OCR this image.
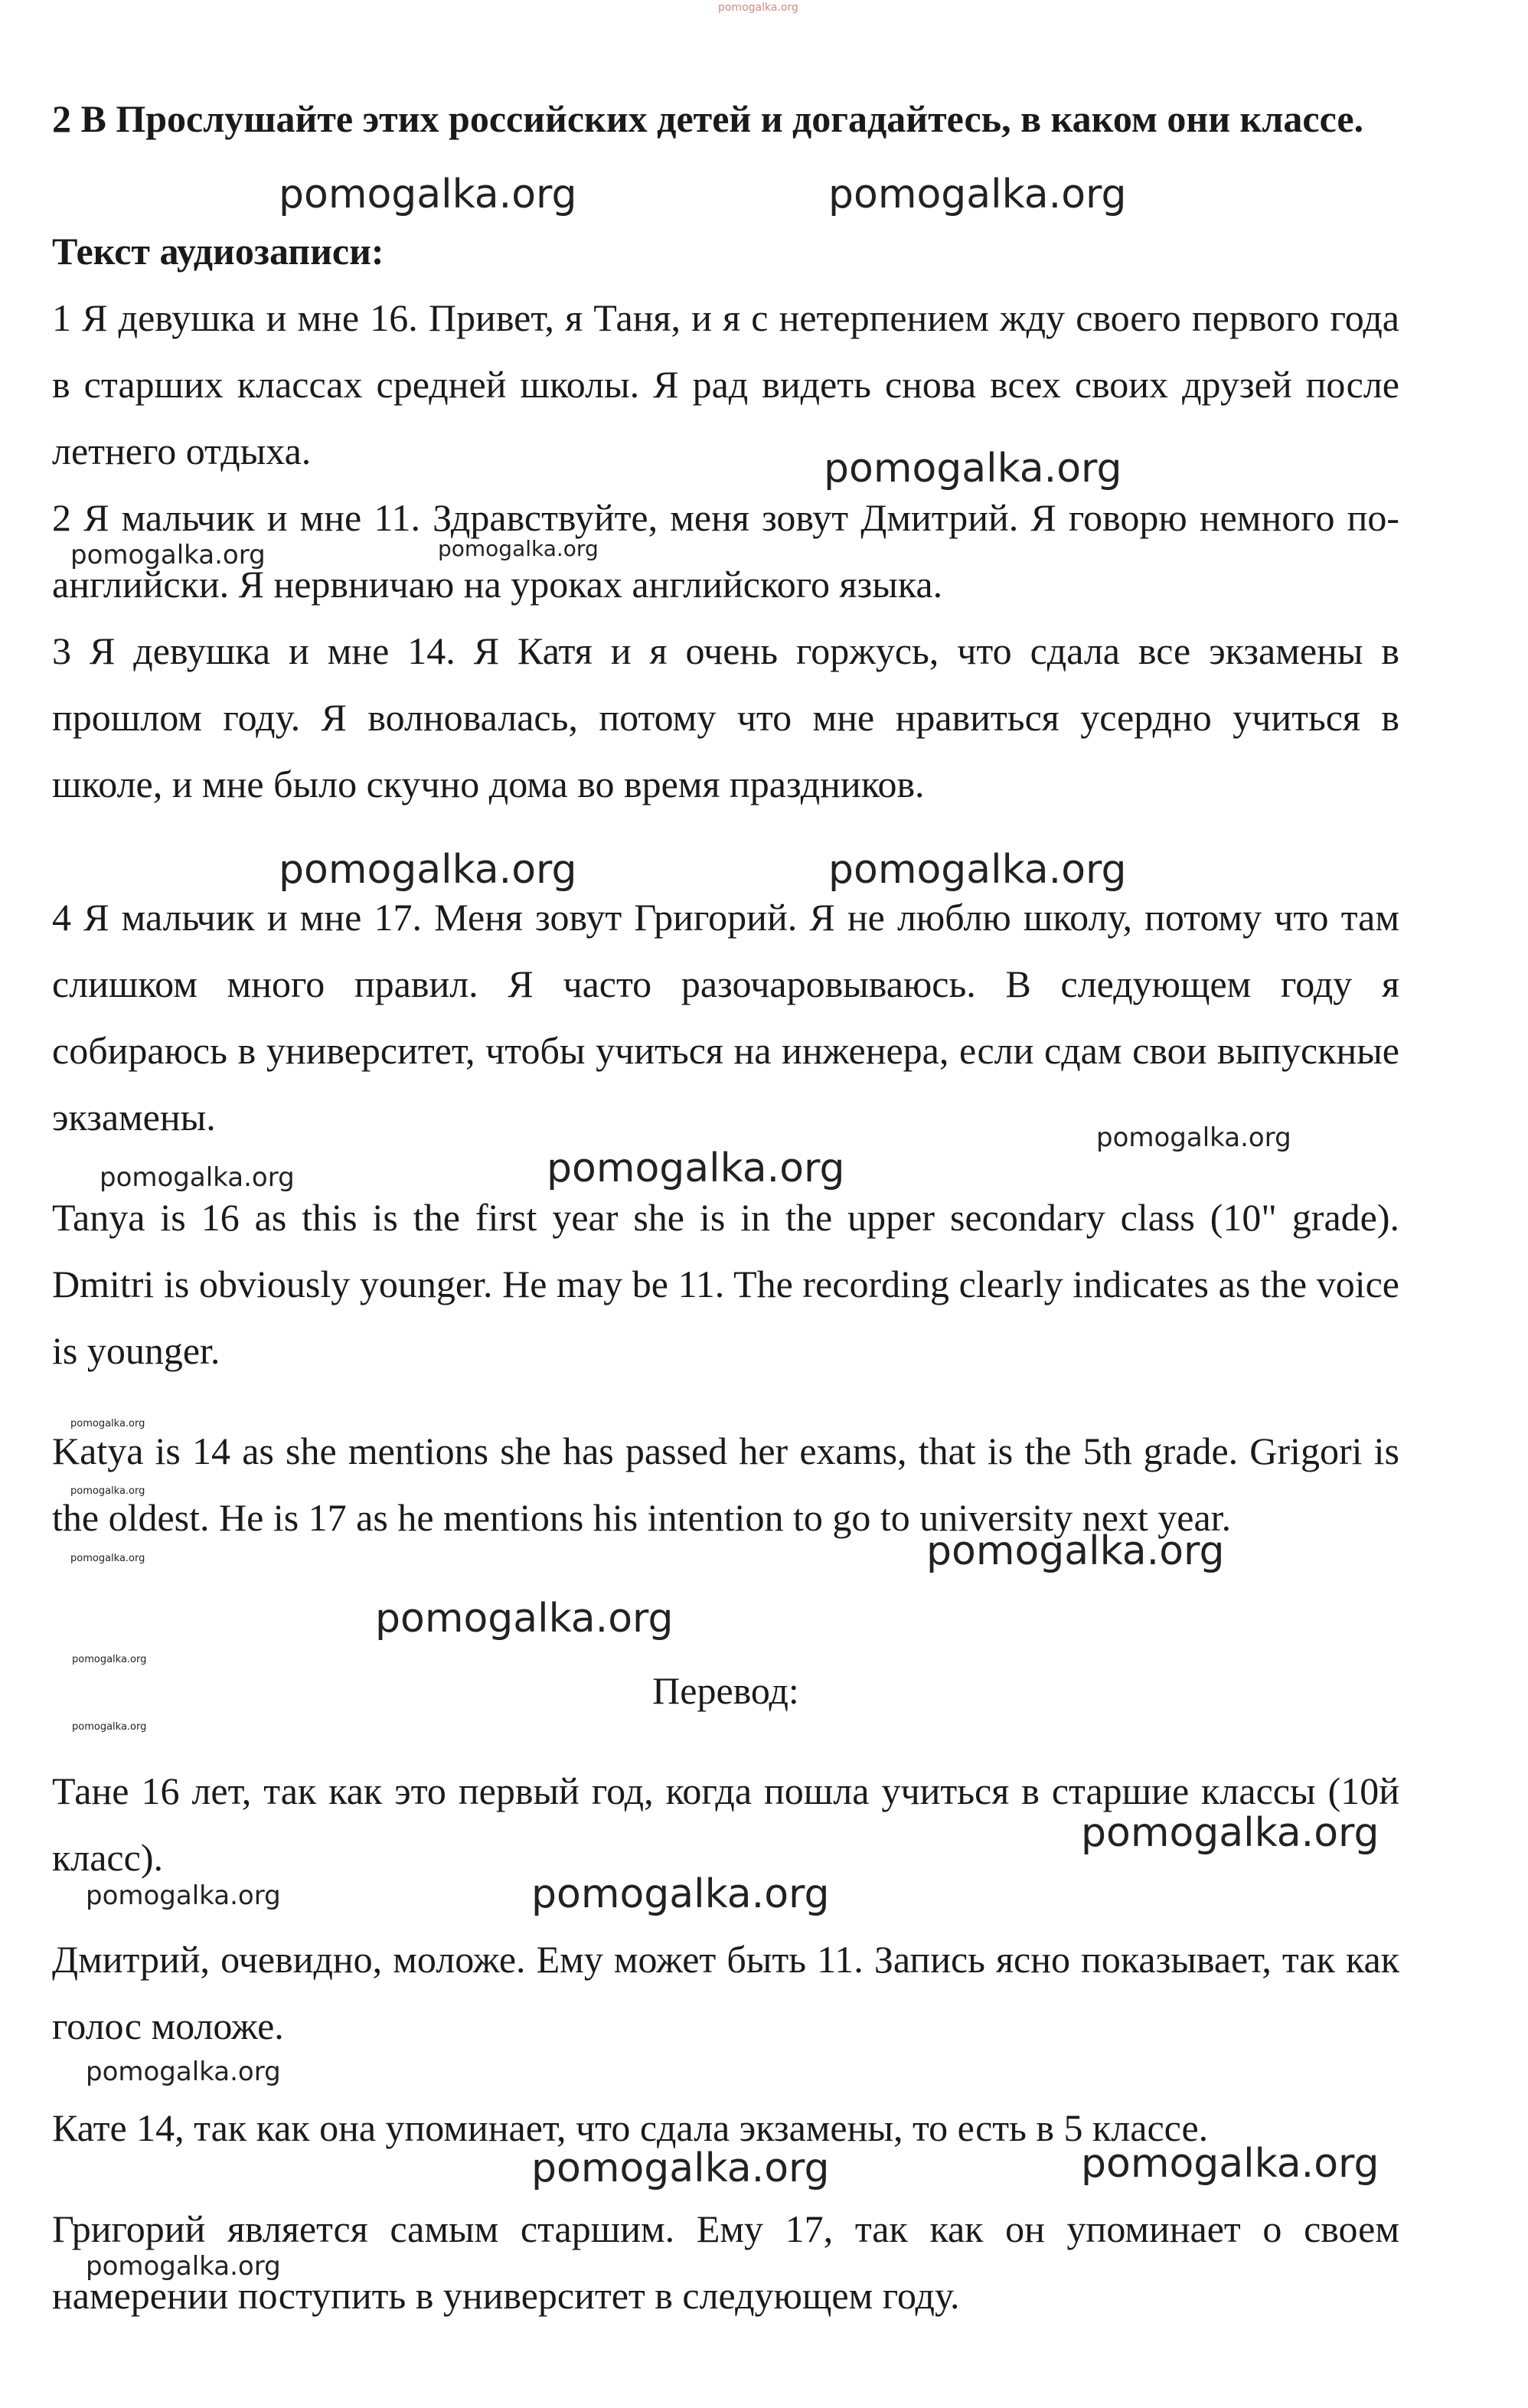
pomogalka.org
2 В Прослушайте этих российских детей и догадайтесь, в каком они классе.
Текст аудиозаписи:
1 Я девушка и мне 16. Привет, я Таня, и я с нетерпением жду своего первого года в старших классах средней школы. Я рад видеть снова всех своих друзей после летнего отдыха.
2 Я мальчик и мне 11. Здравствуйте, меня зовут Дмитрий. Я говорю немного по-английски. Я нервничаю на уроках английского языка.
3 Я девушка и мне 14. Я Катя и я очень горжусь, что сдала все экзамены в прошлом году. Я волновалась, потому что мне нравиться усердно учиться в школе, и мне было скучно дома во время праздников.
4 Я мальчик и мне 17. Меня зовут Григорий. Я не люблю школу, потому что там слишком много правил. Я часто разочаровываюсь. В следующем году я собираюсь в университет, чтобы учиться на инженера, если сдам свои выпускные экзамены.
Tanya is 16 as this is the first year she is in the upper secondary class (10" grade). Dmitri is obviously younger. He may be 11. The recording clearly indicates as the voice is younger.
Katya is 14 as she mentions she has passed her exams, that is the 5th grade. Grigori is the oldest. He is 17 as he mentions his intention to go to university next year.
Перевод:
Тане 16 лет, так как это первый год, когда пошла учиться в старшие классы (10й класс).
Дмитрий, очевидно, моложе. Ему может быть 11. Запись ясно показывает, так как голос моложе.
Кате 14, так как она упоминает, что сдала экзамены, то есть в 5 классе.
Григорий является самым старшим. Ему 17, так как он упоминает о своем намерении поступить в университет в следующем году.
pomogalka.org	pomogalka.org
pomogalka.org
pomogalka.org	pomogalka.org
pomogalka.org	pomogalka.org
pomogalka.org
pomogalka.org	pomogalka.org
pomogalka.org
pomogalka.org
pomogalka.org	pomogalka.org
pomogalka.org
pomogalka.org
pomogalka.org
pomogalka.org
pomogalka.org	pomogalka.org
pomogalka.org
pomogalka.org	pomogalka.org
pomogalka.org
